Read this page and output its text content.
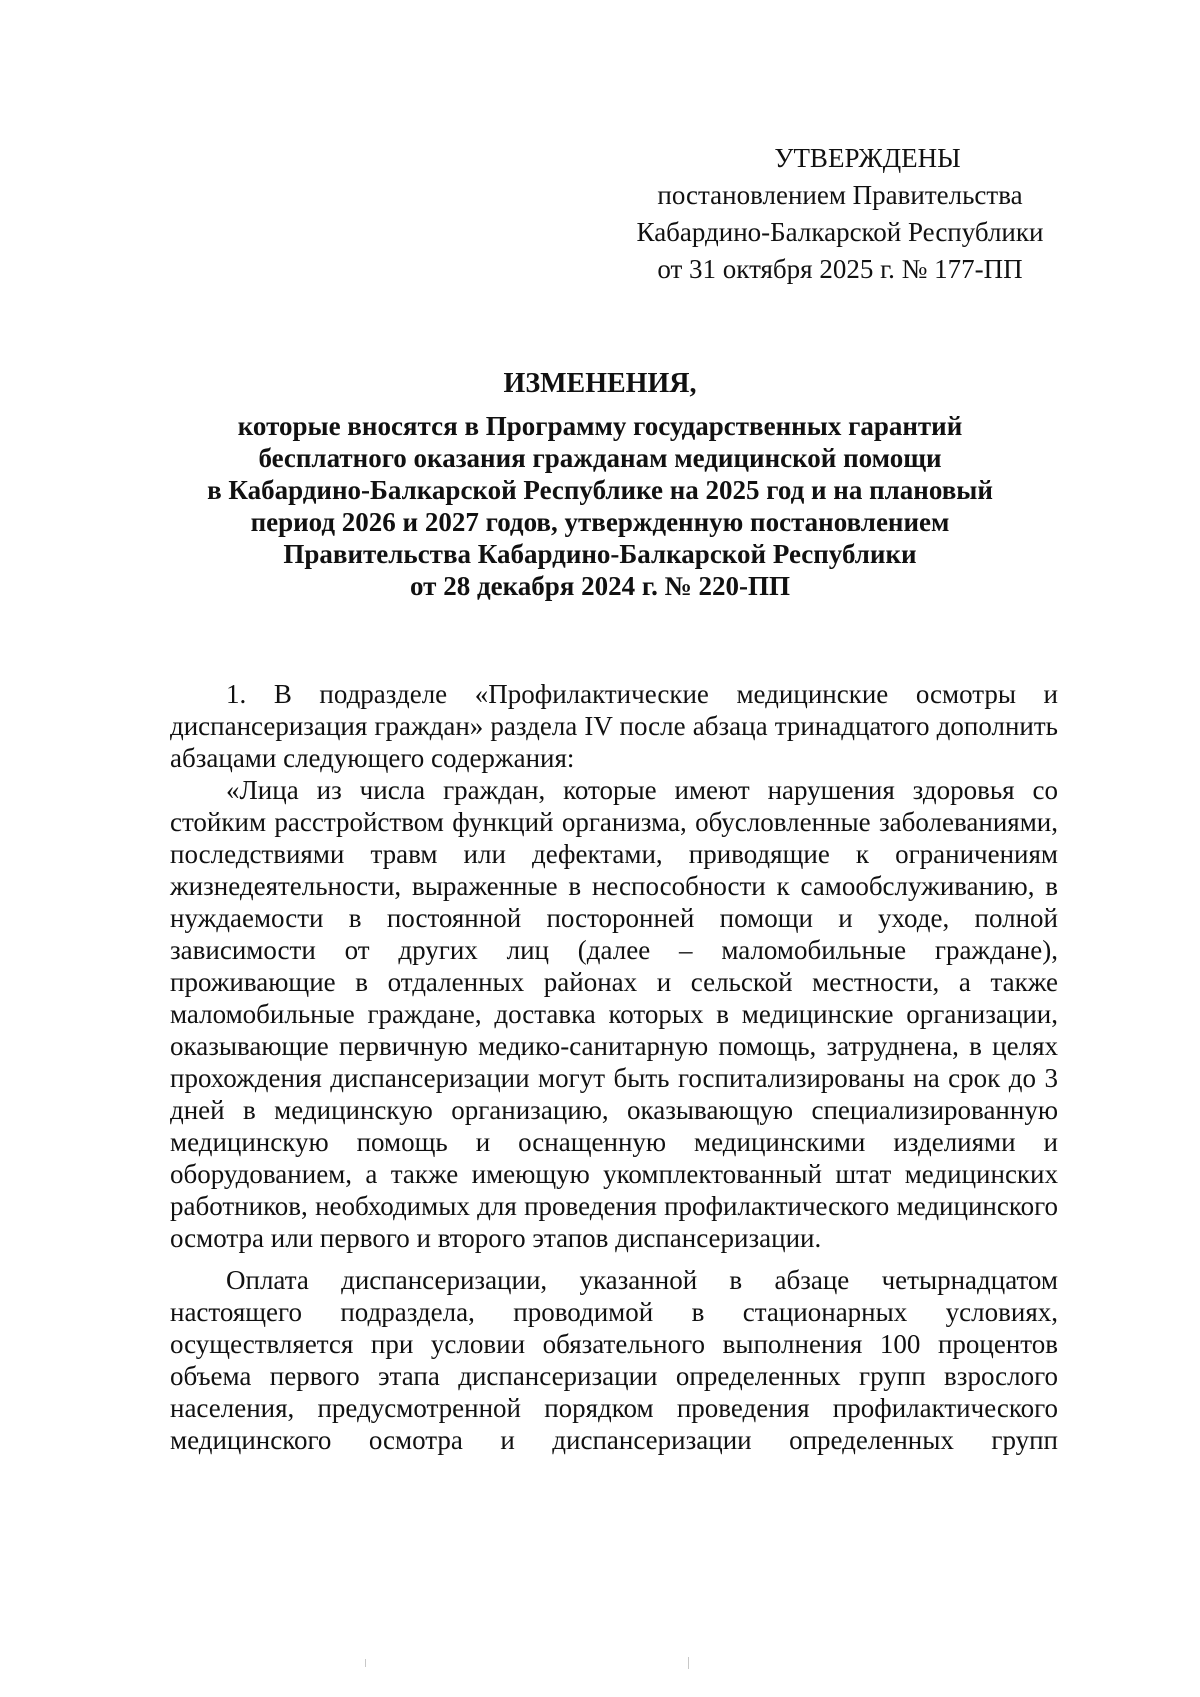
УТВЕРЖДЕНЫ
постановлением Правительства
Кабардино-Балкарской Республики
от 31 октября 2025 г. № 177-ПП
ИЗМЕНЕНИЯ,
которые вносятся в Программу государственных гарантий
бесплатного оказания гражданам медицинской помощи
в Кабардино-Балкарской Республике на 2025 год и на плановый
период 2026 и 2027 годов, утвержденную постановлением
Правительства Кабардино-Балкарской Республики
от 28 декабря 2024 г. № 220-ПП

1. В подразделе «Профилактические медицинские осмотры и диспансеризация граждан» раздела IV после абзаца тринадцатого дополнить абзацами следующего содержания:

«Лица из числа граждан, которые имеют нарушения здоровья со стойким расстройством функций организма, обусловленные заболеваниями, последствиями травм или дефектами, приводящие к ограничениям жизнедеятельности, выраженные в неспособности к самообслуживанию, в нуждаемости в постоянной посторонней помощи и уходе, полной зависимости от других лиц (далее – маломобильные граждане), проживающие в отдаленных районах и сельской местности, а также маломобильные граждане, доставка которых в медицинские организации, оказывающие первичную медико-санитарную помощь, затруднена, в целях прохождения диспансеризации могут быть госпитализированы на срок до 3 дней в медицинскую организацию, оказывающую специализированную медицинскую помощь и оснащенную медицинскими изделиями и оборудованием, а также имеющую укомплектованный штат медицинских работников, необходимых для проведения профилактического медицинского осмотра или первого и второго этапов диспансеризации.

Оплата диспансеризации, указанной в абзаце четырнадцатом настоящего подраздела, проводимой в стационарных условиях, осуществляется при условии обязательного выполнения 100 процентов объема первого этапа диспансеризации определенных групп взрослого населения, предусмотренной порядком проведения профилактического медицинского осмотра и диспансеризации определенных групп
